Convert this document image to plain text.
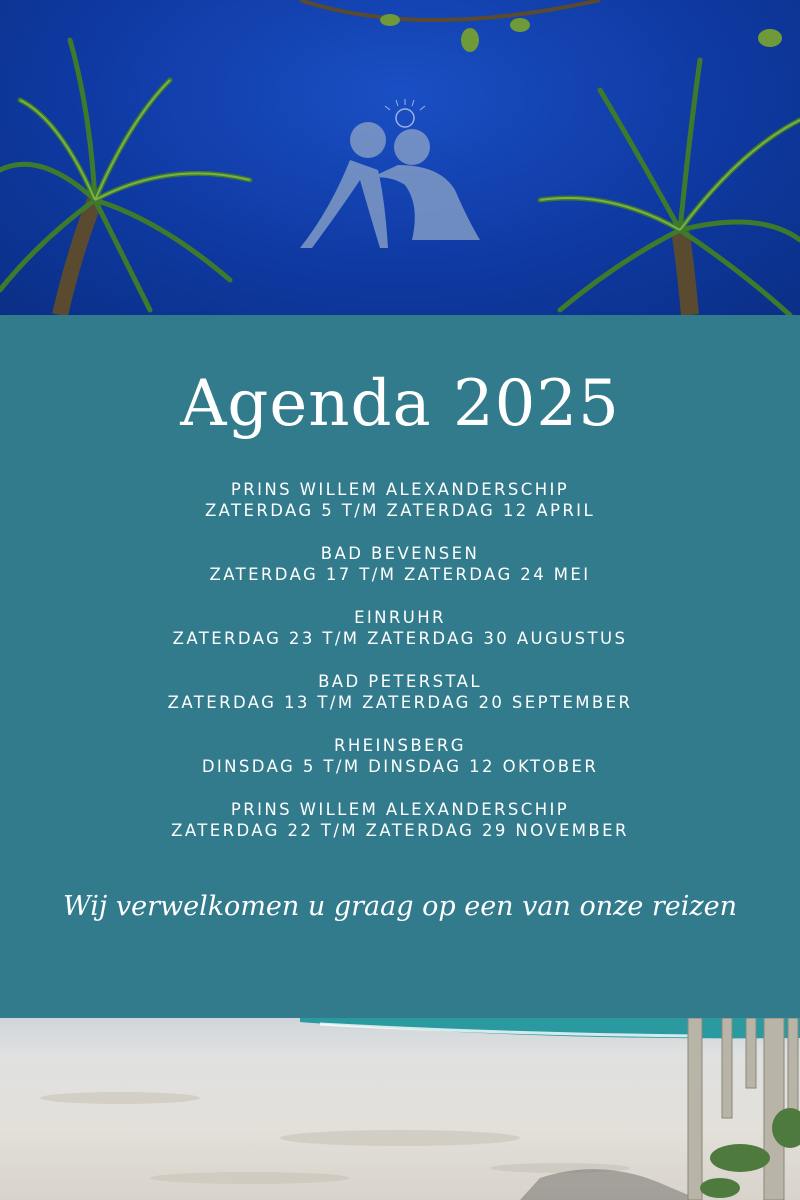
Agenda 2025
PRINS WILLEM ALEXANDERSCHIP
ZATERDAG 5 T/M ZATERDAG 12 APRIL
BAD BEVENSEN
ZATERDAG 17 T/M ZATERDAG 24 MEI
EINRUHR
ZATERDAG 23 T/M ZATERDAG 30 AUGUSTUS
BAD PETERSTAL
ZATERDAG 13 T/M ZATERDAG 20 SEPTEMBER
RHEINSBERG
DINSDAG 5 T/M DINSDAG 12 OKTOBER
PRINS WILLEM ALEXANDERSCHIP
ZATERDAG 22 T/M ZATERDAG 29 NOVEMBER
Wij verwelkomen u graag op een van onze reizen
